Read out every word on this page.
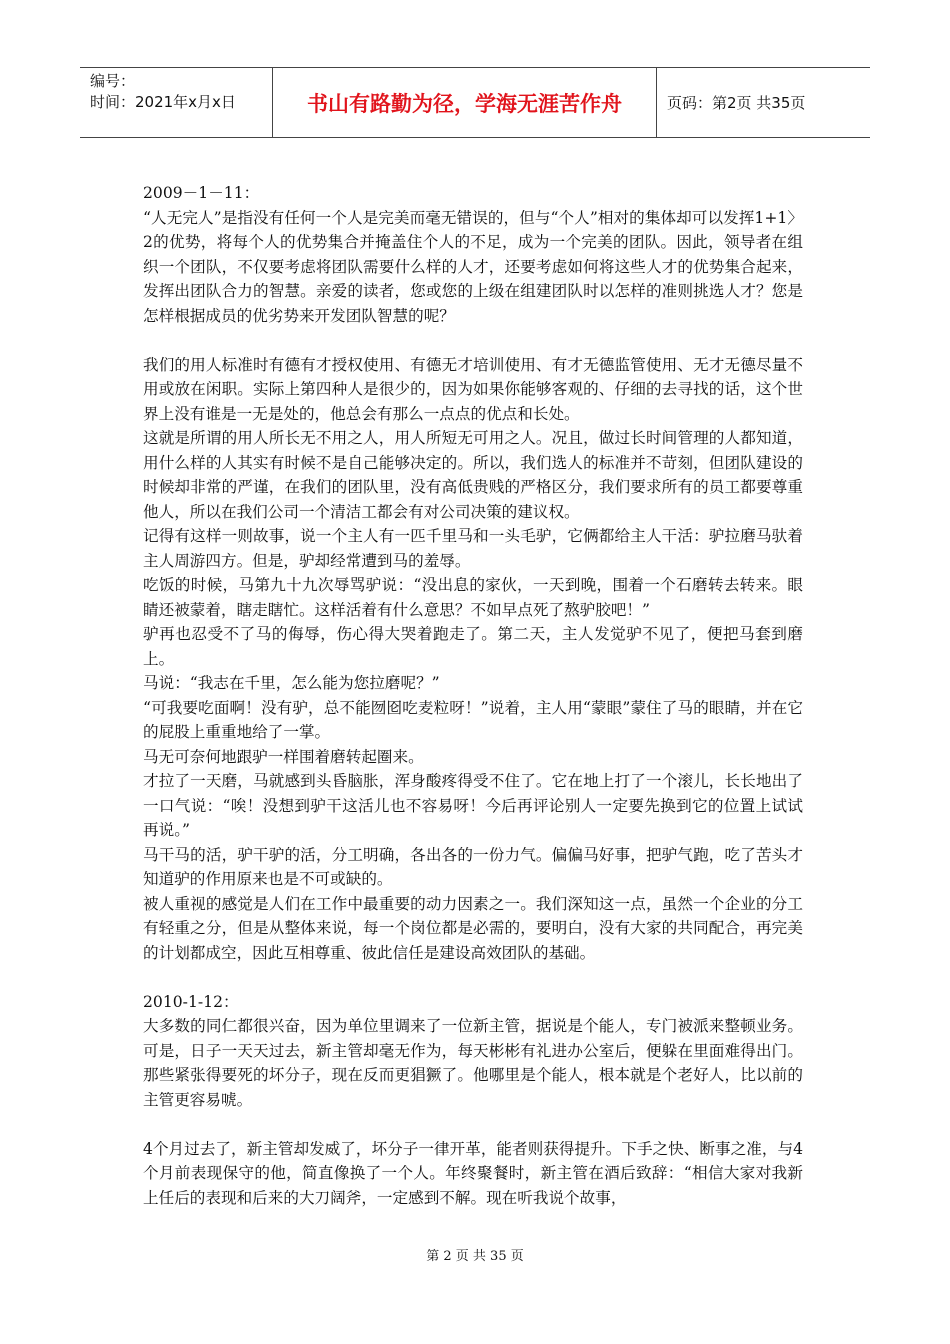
编号：
时间：2021年x月x日	书山有路勤为径，学海无涯苦作舟	页码：第2页 共35页

2009－1－11：

“人无完人”是指没有任何一个人是完美而毫无错误的，但与“个人”相对的集体却可以发挥1+1〉2的优势，将每个人的优势集合并掩盖住个人的不足，成为一个完美的团队。因此，领导者在组织一个团队，不仅要考虑将团队需要什么样的人才，还要考虑如何将这些人才的优势集合起来，发挥出团队合力的智慧。亲爱的读者，您或您的上级在组建团队时以怎样的准则挑选人才？您是怎样根据成员的优劣势来开发团队智慧的呢？

我们的用人标准时有德有才授权使用、有德无才培训使用、有才无德监管使用、无才无德尽量不用或放在闲职。实际上第四种人是很少的，因为如果你能够客观的、仔细的去寻找的话，这个世界上没有谁是一无是处的，他总会有那么一点点的优点和长处。

这就是所谓的用人所长无不用之人，用人所短无可用之人。况且，做过长时间管理的人都知道，用什么样的人其实有时候不是自己能够决定的。所以，我们选人的标准并不苛刻，但团队建设的时候却非常的严谨，在我们的团队里，没有高低贵贱的严格区分，我们要求所有的员工都要尊重他人，所以在我们公司一个清洁工都会有对公司决策的建议权。

记得有这样一则故事，说一个主人有一匹千里马和一头毛驴，它俩都给主人干活：驴拉磨马驮着主人周游四方。但是，驴却经常遭到马的羞辱。

吃饭的时候，马第九十九次辱骂驴说：“没出息的家伙，一天到晚，围着一个石磨转去转来。眼睛还被蒙着，瞎走瞎忙。这样活着有什么意思？不如早点死了熬驴胶吧！”

驴再也忍受不了马的侮辱，伤心得大哭着跑走了。第二天，主人发觉驴不见了，便把马套到磨上。

马说：“我志在千里，怎么能为您拉磨呢？”

“可我要吃面啊！没有驴，总不能囫囵吃麦粒呀！”说着，主人用“蒙眼”蒙住了马的眼睛，并在它的屁股上重重地给了一掌。

马无可奈何地跟驴一样围着磨转起圈来。

才拉了一天磨，马就感到头昏脑胀，浑身酸疼得受不住了。它在地上打了一个滚儿，长长地出了一口气说：“唉！没想到驴干这活儿也不容易呀！今后再评论别人一定要先换到它的位置上试试再说。”

马干马的活，驴干驴的活，分工明确，各出各的一份力气。偏偏马好事，把驴气跑，吃了苦头才知道驴的作用原来也是不可或缺的。

被人重视的感觉是人们在工作中最重要的动力因素之一。我们深知这一点，虽然一个企业的分工有轻重之分，但是从整体来说，每一个岗位都是必需的，要明白，没有大家的共同配合，再完美的计划都成空，因此互相尊重、彼此信任是建设高效团队的基础。

2010-1-12：

大多数的同仁都很兴奋，因为单位里调来了一位新主管，据说是个能人，专门被派来整顿业务。可是，日子一天天过去，新主管却毫无作为，每天彬彬有礼进办公室后，便躲在里面难得出门。那些紧张得要死的坏分子，现在反而更猖獗了。他哪里是个能人，根本就是个老好人，比以前的主管更容易唬。

4个月过去了，新主管却发威了，坏分子一律开革，能者则获得提升。下手之快、断事之准，与4个月前表现保守的他，简直像换了一个人。年终聚餐时，新主管在酒后致辞：“相信大家对我新上任后的表现和后来的大刀阔斧，一定感到不解。现在听我说个故事，

第 2 页 共 35 页
